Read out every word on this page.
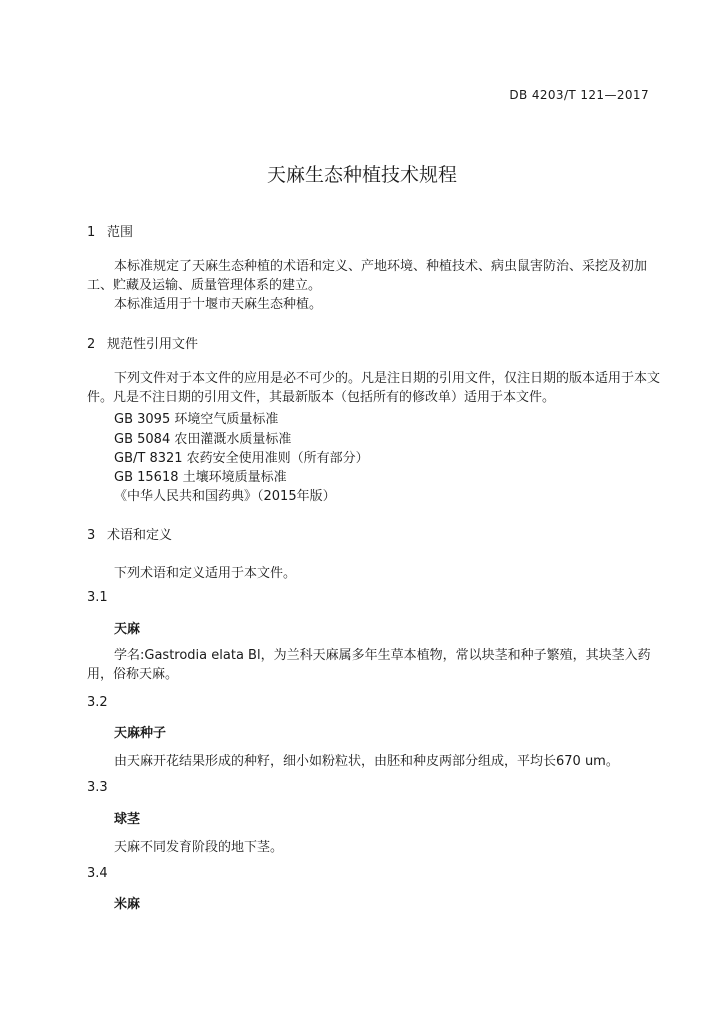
DB 4203/T 121—2017
天麻生态种植技术规程
1 范围
本标准规定了天麻生态种植的术语和定义、产地环境、种植技术、病虫鼠害防治、采挖及初加工、贮藏及运输、质量管理体系的建立。
本标准适用于十堰市天麻生态种植。
2 规范性引用文件
下列文件对于本文件的应用是必不可少的。凡是注日期的引用文件，仅注日期的版本适用于本文件。凡是不注日期的引用文件，其最新版本（包括所有的修改单）适用于本文件。
GB 3095 环境空气质量标准
GB 5084 农田灌溉水质量标准
GB/T 8321 农药安全使用准则（所有部分）
GB 15618 土壤环境质量标准
《中华人民共和国药典》（2015年版）
3 术语和定义
下列术语和定义适用于本文件。
3.1
天麻
学名:Gastrodia elata Bl，为兰科天麻属多年生草本植物，常以块茎和种子繁殖，其块茎入药用，俗称天麻。
3.2
天麻种子
由天麻开花结果形成的种籽，细小如粉粒状，由胚和种皮两部分组成，平均长670 um。
3.3
球茎
天麻不同发育阶段的地下茎。
3.4
米麻
